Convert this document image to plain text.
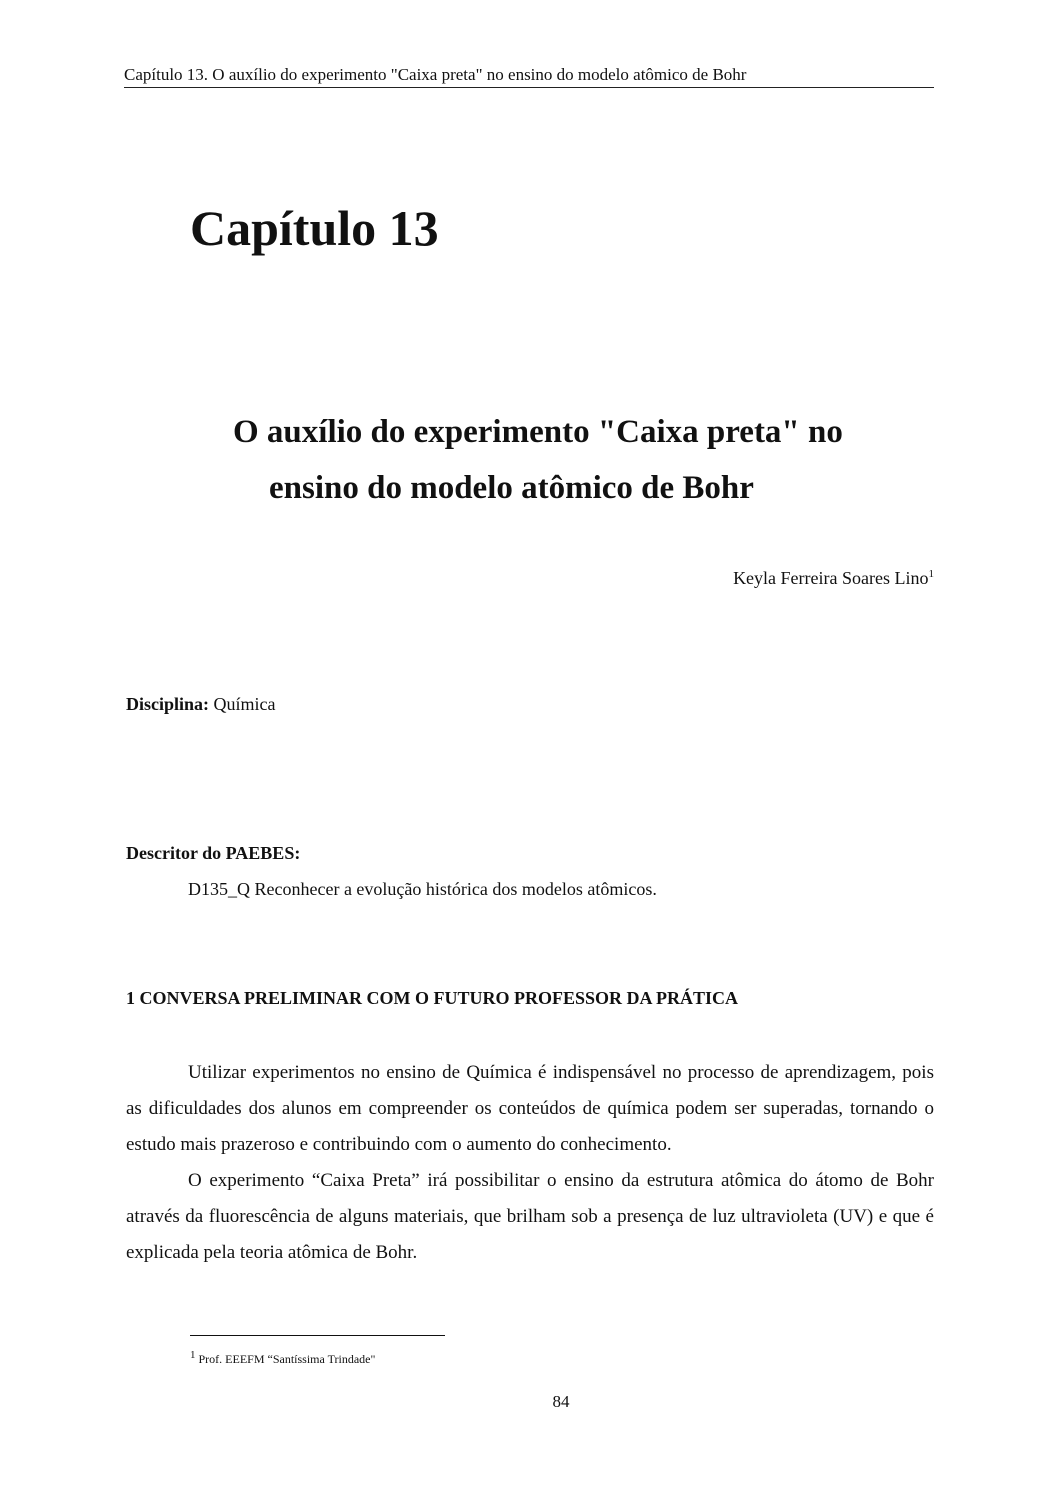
Capítulo 13. O auxílio do experimento "Caixa preta" no ensino do modelo atômico de Bohr
Capítulo 13
O auxílio do experimento "Caixa preta" no
ensino do modelo atômico de Bohr
Keyla Ferreira Soares Lino$^1$
Disciplina: Química
Descritor do PAEBES:
D135_Q Reconhecer a evolução histórica dos modelos atômicos.
1 CONVERSA PRELIMINAR COM O FUTURO PROFESSOR DA PRÁTICA

Utilizar experimentos no ensino de Química é indispensável no processo de aprendizagem, pois as dificuldades dos alunos em compreender os conteúdos de química podem ser superadas, tornando o estudo mais prazeroso e contribuindo com o aumento do conhecimento.

O experimento “Caixa Preta” irá possibilitar o ensino da estrutura atômica do átomo de Bohr através da fluorescência de alguns materiais, que brilham sob a presença de luz ultravioleta (UV) e que é explicada pela teoria atômica de Bohr.

$^1$ Prof. EEEFM “Santíssima Trindade"
84
